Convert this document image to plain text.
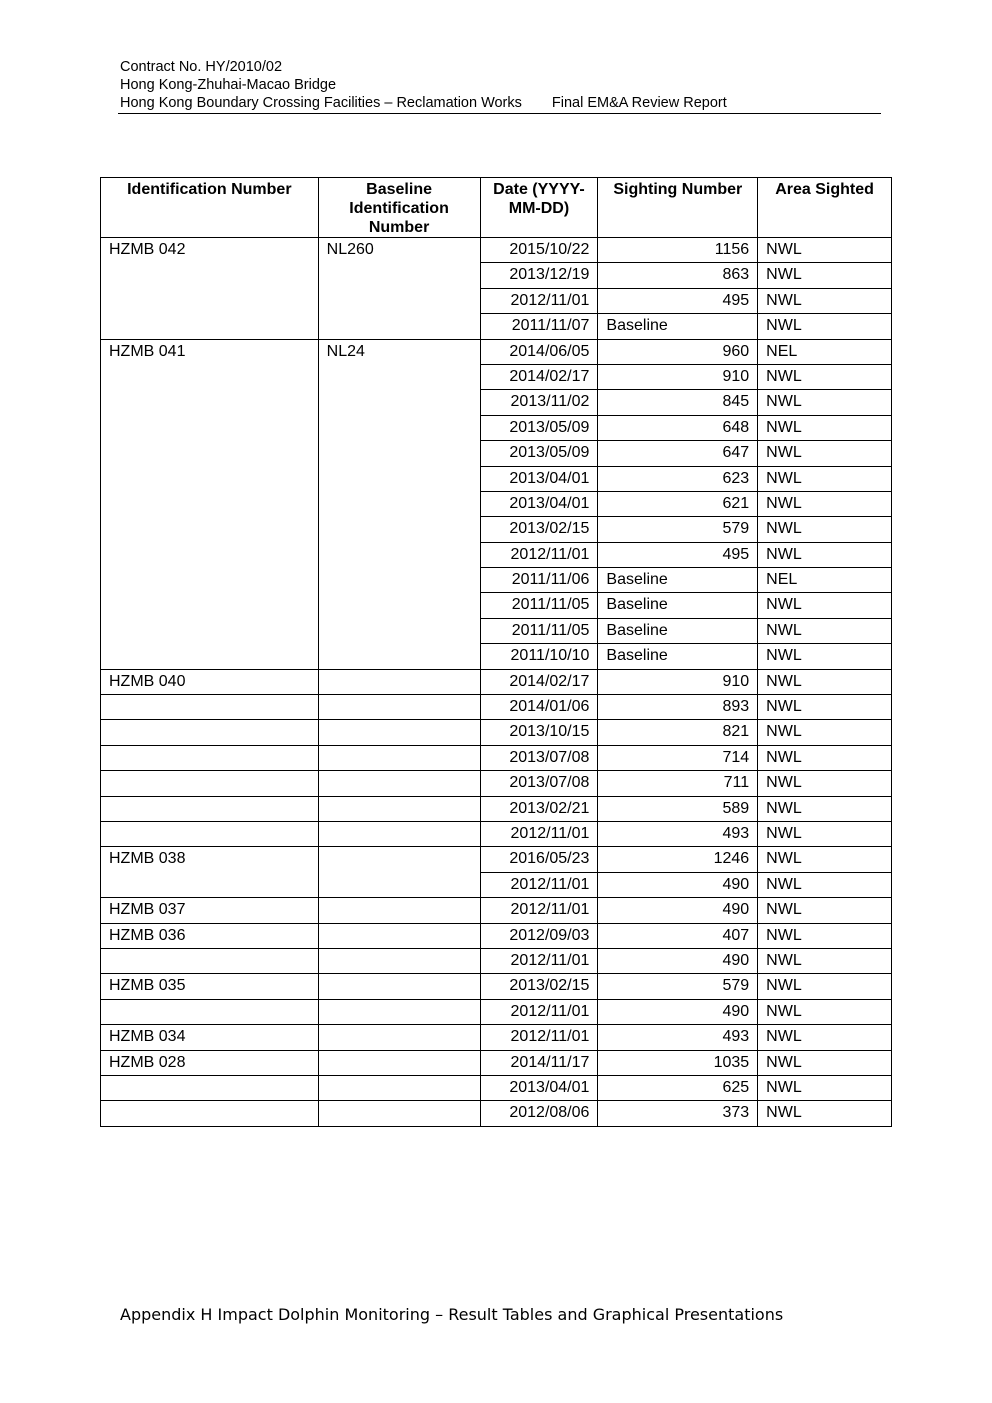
Contract No. HY/2010/02
Hong Kong-Zhuhai-Macao Bridge
Hong Kong Boundary Crossing Facilities – Reclamation Works Final EM&A Review Report
Identification Number	Baseline Identification Number	Date (YYYY-MM-DD)	Sighting Number	Area Sighted
HZMB 042	NL260	2015/10/22	1156	NWL
		2013/12/19	863	NWL
		2012/11/01	495	NWL
		2011/11/07	Baseline	NWL
HZMB 041	NL24	2014/06/05	960	NEL
		2014/02/17	910	NWL
		2013/11/02	845	NWL
		2013/05/09	648	NWL
		2013/05/09	647	NWL
		2013/04/01	623	NWL
		2013/04/01	621	NWL
		2013/02/15	579	NWL
		2012/11/01	495	NWL
		2011/11/06	Baseline	NEL
		2011/11/05	Baseline	NWL
		2011/11/05	Baseline	NWL
		2011/10/10	Baseline	NWL
HZMB 040		2014/02/17	910	NWL
		2014/01/06	893	NWL
		2013/10/15	821	NWL
		2013/07/08	714	NWL
		2013/07/08	711	NWL
		2013/02/21	589	NWL
		2012/11/01	493	NWL
HZMB 038		2016/05/23	1246	NWL
		2012/11/01	490	NWL
HZMB 037		2012/11/01	490	NWL
HZMB 036		2012/09/03	407	NWL
		2012/11/01	490	NWL
HZMB 035		2013/02/15	579	NWL
		2012/11/01	490	NWL
HZMB 034		2012/11/01	493	NWL
HZMB 028		2014/11/17	1035	NWL
		2013/04/01	625	NWL
		2012/08/06	373	NWL
Appendix H Impact Dolphin Monitoring – Result Tables and Graphical Presentations
